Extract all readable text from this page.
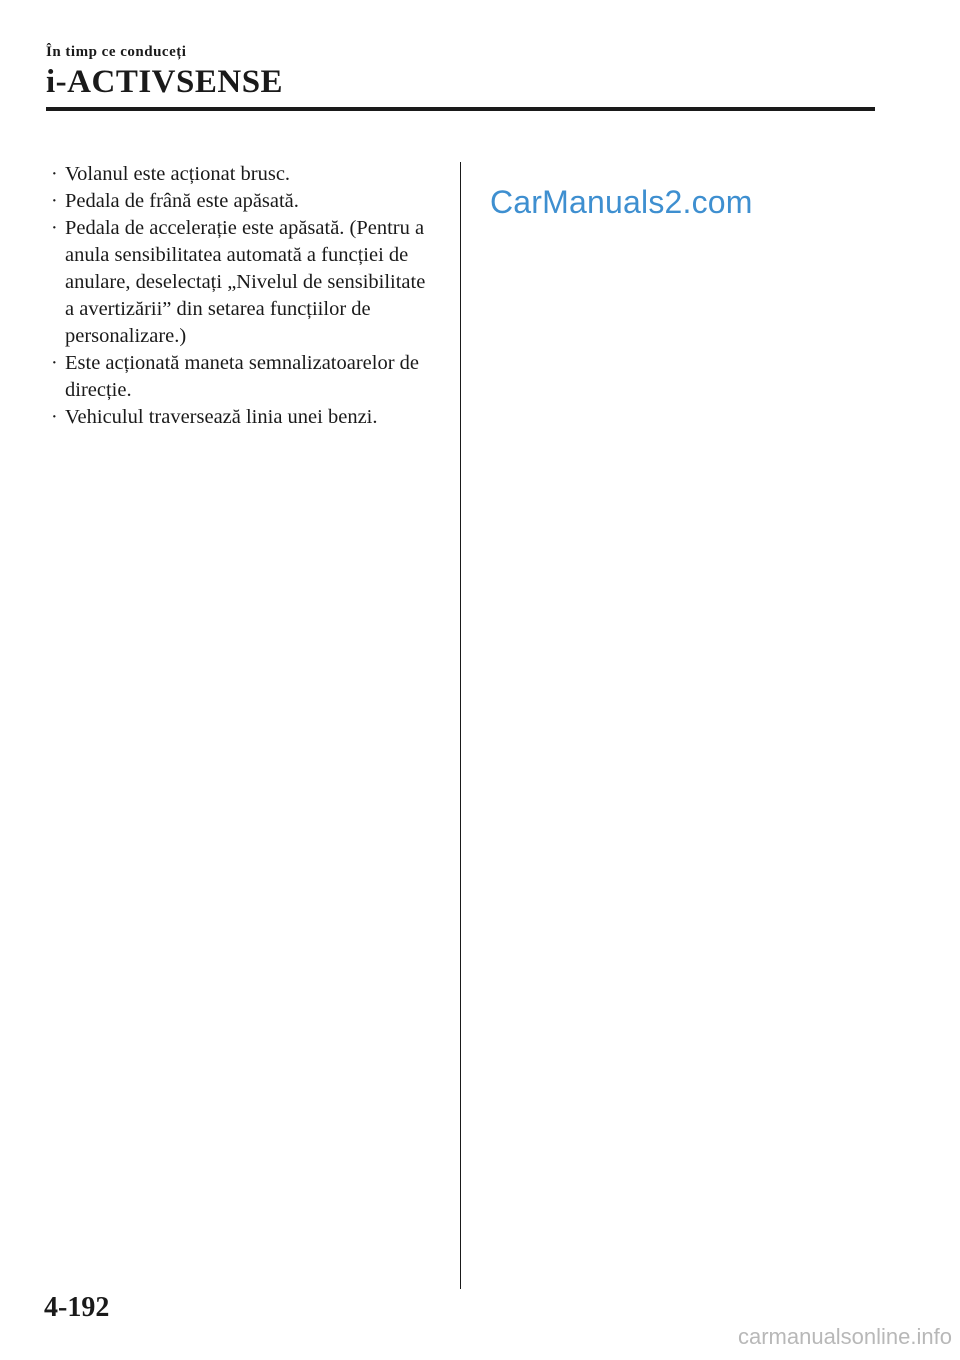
În timp ce conduceți
i-ACTIVSENSE
· Volanul este acționat brusc.
· Pedala de frână este apăsată.
· Pedala de accelerație este apăsată. (Pentru a anula sensibilitatea automată a funcției de anulare, deselectați „Nivelul de sensibilitate a avertizării” din setarea funcțiilor de personalizare.)
· Este acționată maneta semnalizatoarelor de direcție.
· Vehiculul traversează linia unei benzi.
CarManuals2.com
4-192
carmanualsonline.info
